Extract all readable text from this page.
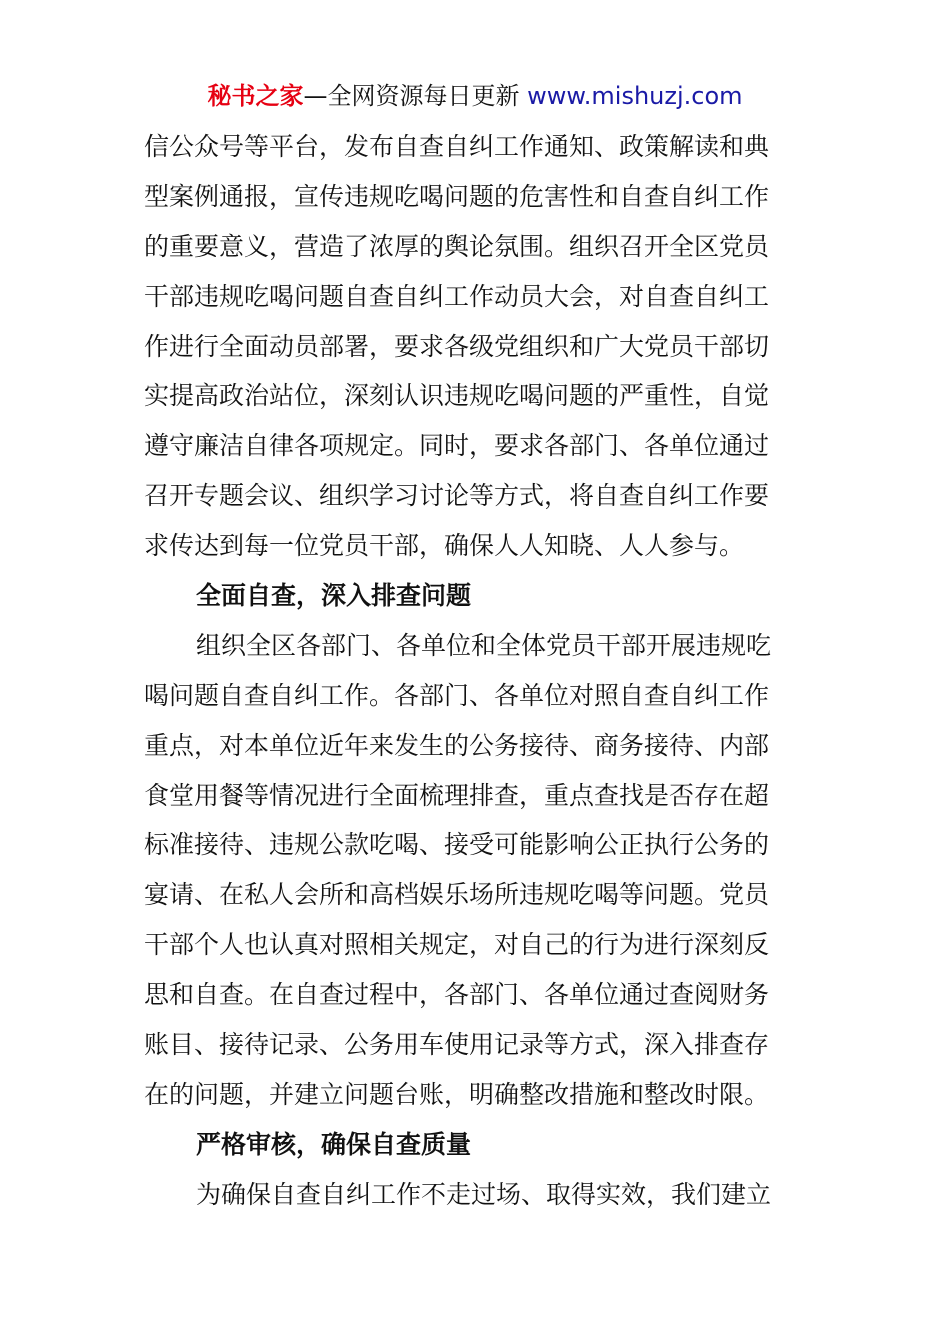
秘书之家—全网资源每日更新 www.mishuzj.com
信公众号等平台，发布自查自纠工作通知、政策解读和典
型案例通报，宣传违规吃喝问题的危害性和自查自纠工作
的重要意义，营造了浓厚的舆论氛围。组织召开全区党员
干部违规吃喝问题自查自纠工作动员大会，对自查自纠工
作进行全面动员部署，要求各级党组织和广大党员干部切
实提高政治站位，深刻认识违规吃喝问题的严重性，自觉
遵守廉洁自律各项规定。同时，要求各部门、各单位通过
召开专题会议、组织学习讨论等方式，将自查自纠工作要
求传达到每一位党员干部，确保人人知晓、人人参与。
全面自查，深入排查问题
组织全区各部门、各单位和全体党员干部开展违规吃
喝问题自查自纠工作。各部门、各单位对照自查自纠工作
重点，对本单位近年来发生的公务接待、商务接待、内部
食堂用餐等情况进行全面梳理排查，重点查找是否存在超
标准接待、违规公款吃喝、接受可能影响公正执行公务的
宴请、在私人会所和高档娱乐场所违规吃喝等问题。党员
干部个人也认真对照相关规定，对自己的行为进行深刻反
思和自查。在自查过程中，各部门、各单位通过查阅财务
账目、接待记录、公务用车使用记录等方式，深入排查存
在的问题，并建立问题台账，明确整改措施和整改时限。
严格审核，确保自查质量
为确保自查自纠工作不走过场、取得实效，我们建立
